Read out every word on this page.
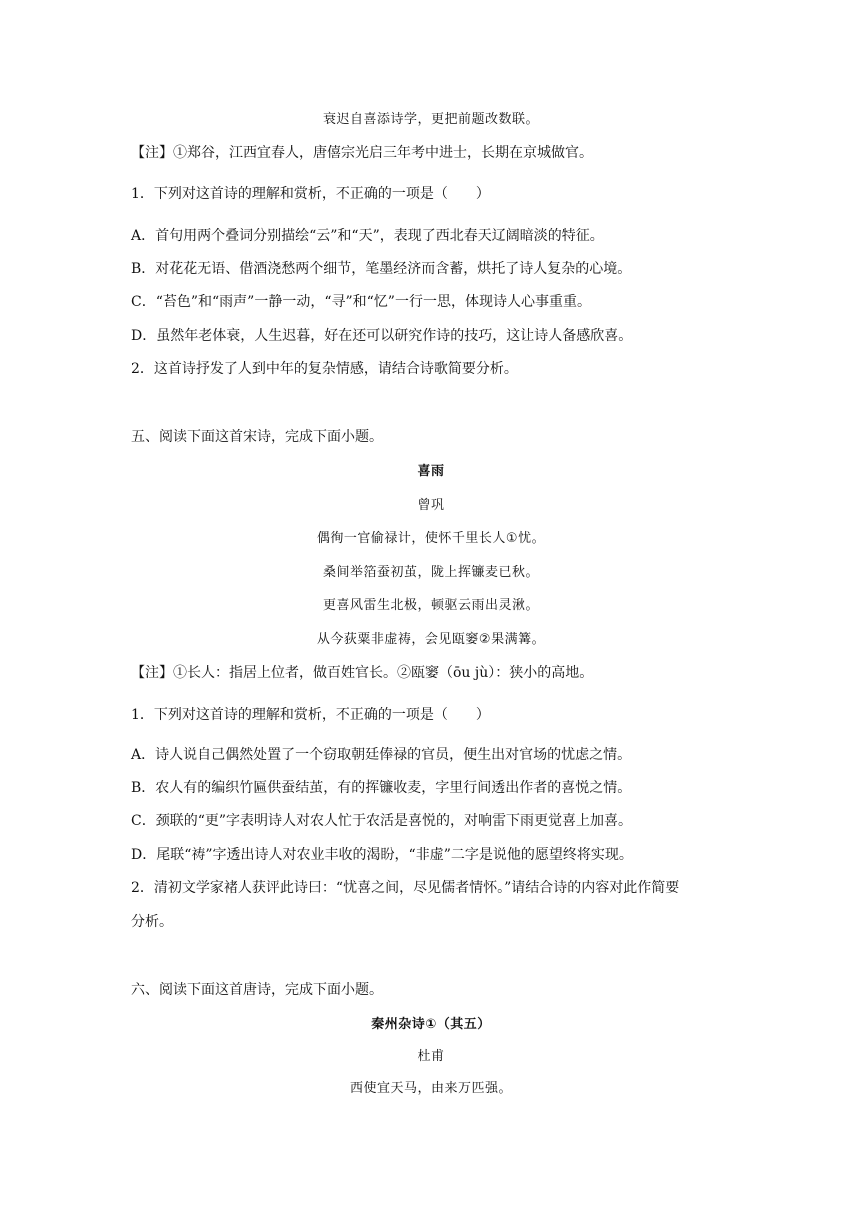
衰迟自喜添诗学，更把前题改数联。
【注】①郑谷，江西宜春人，唐僖宗光启三年考中进士，长期在京城做官。
1．下列对这首诗的理解和赏析，不正确的一项是（　　）
A．首句用两个叠词分别描绘“云”和“天”，表现了西北春天辽阔暗淡的特征。
B．对花花无语、借酒浇愁两个细节，笔墨经济而含蓄，烘托了诗人复杂的心境。
C．“苔色”和“雨声”一静一动，“寻”和“忆”一行一思，体现诗人心事重重。
D．虽然年老体衰，人生迟暮，好在还可以研究作诗的技巧，这让诗人备感欣喜。
2．这首诗抒发了人到中年的复杂情感，请结合诗歌简要分析。
五、阅读下面这首宋诗，完成下面小题。
喜雨
曾巩
偶徇一官偷禄计，使怀千里长人①忧。
桑间举箔蚕初茧，陇上挥镰麦已秋。
更喜风雷生北极，顿驱云雨出灵湫。
从今荻粟非虚祷，会见瓯窭②果满篝。
【注】①长人：指居上位者，做百姓官长。②瓯窭（ōu jù）：狭小的高地。
1．下列对这首诗的理解和赏析，不正确的一项是（　　）
A．诗人说自己偶然处置了一个窃取朝廷俸禄的官员，便生出对官场的忧虑之情。
B．农人有的编织竹匾供蚕结茧，有的挥镰收麦，字里行间透出作者的喜悦之情。
C．颈联的“更”字表明诗人对农人忙于农活是喜悦的，对响雷下雨更觉喜上加喜。
D．尾联“祷”字透出诗人对农业丰收的渴盼，“非虚”二字是说他的愿望终将实现。
2．清初文学家褚人获评此诗曰：“忧喜之间，尽见儒者情怀。”请结合诗的内容对此作简要
分析。
六、阅读下面这首唐诗，完成下面小题。
秦州杂诗①（其五）
杜甫
西使宜天马，由来万匹强。
